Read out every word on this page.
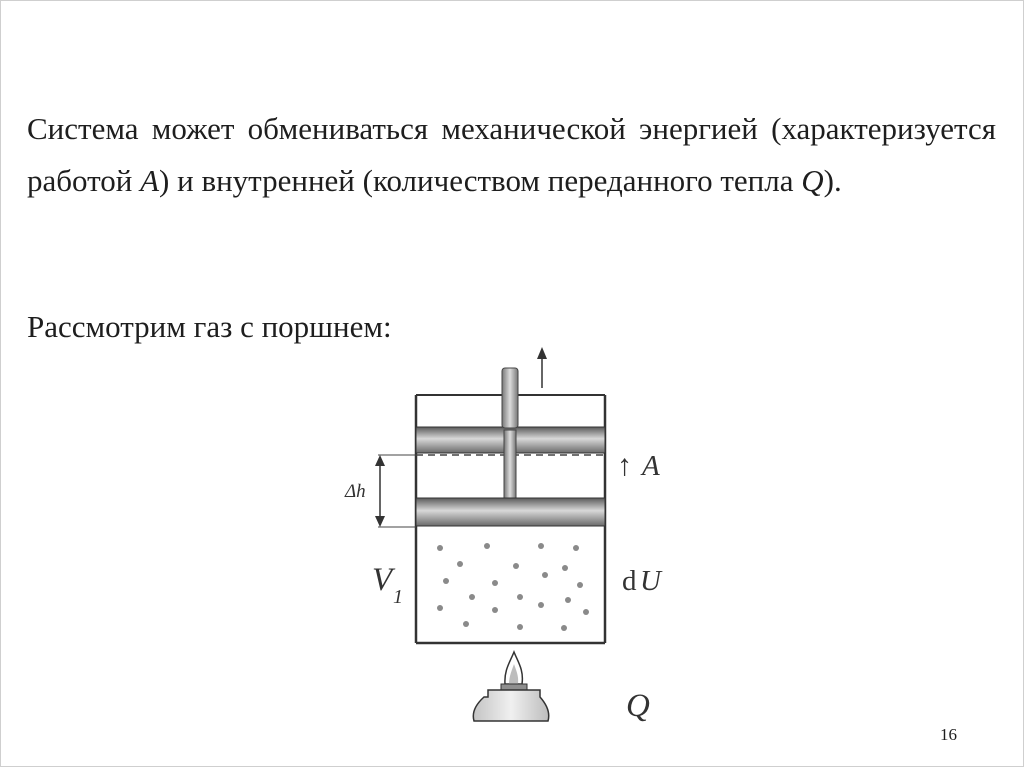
Система может обмениваться механической энергией (характеризуется работой A) и внутренней (количеством переданного тепла Q).

Рассмотрим газ с поршнем:

Δh
↑ A
V 1	d U
Q
16
